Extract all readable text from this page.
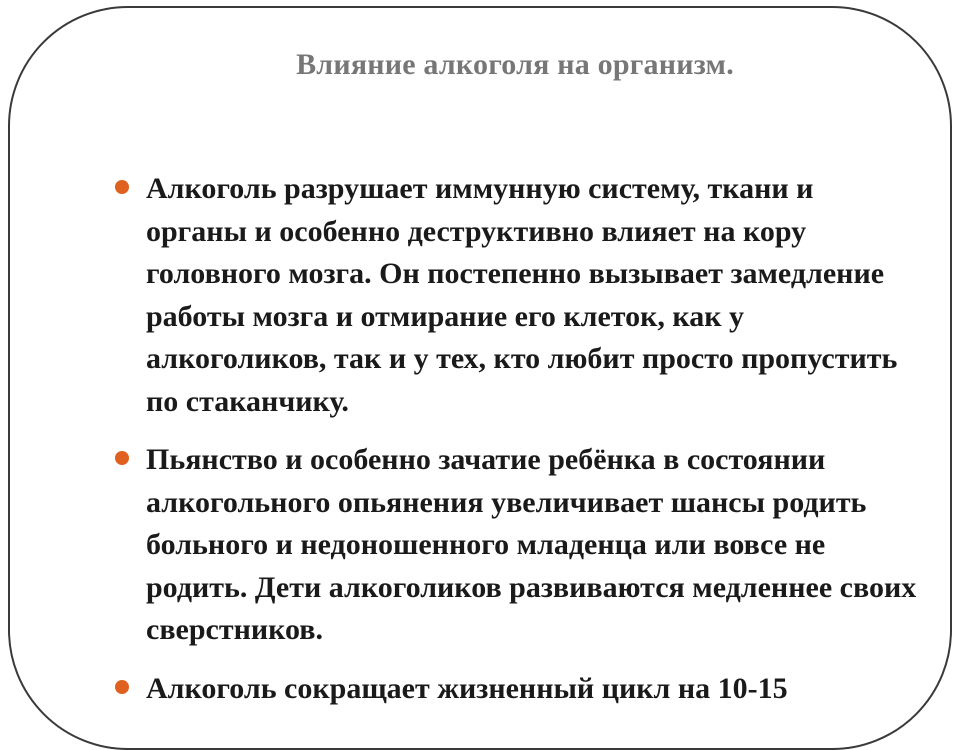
Влияние алкоголя на организм.
Алкоголь разрушает иммунную систему, ткани и органы и особенно деструктивно влияет на кору головного мозга. Он постепенно вызывает замедление работы мозга и отмирание его клеток, как у алкоголиков, так и у тех, кто любит просто пропустить по стаканчику.
Пьянство и особенно зачатие ребёнка в состоянии алкогольного опьянения увеличивает шансы родить больного и недоношенного младенца или вовсе не родить. Дети алкоголиков развиваются медленнее своих сверстников.
Алкоголь сокращает жизненный цикл на 10-15
